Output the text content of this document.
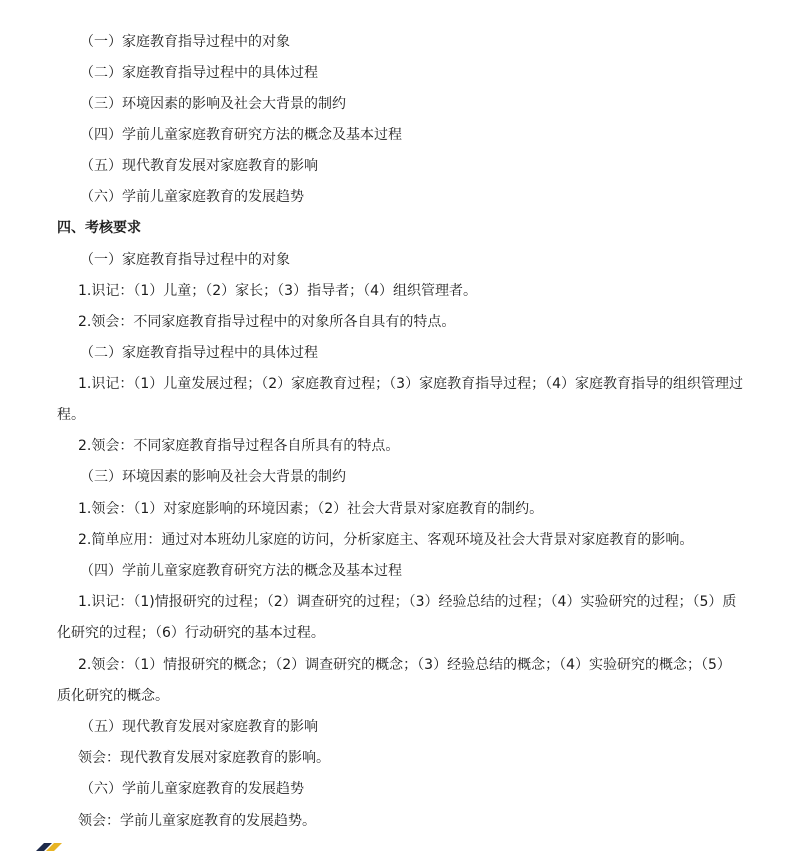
（一）家庭教育指导过程中的对象
（二）家庭教育指导过程中的具体过程
（三）环境因素的影响及社会大背景的制约
（四）学前儿童家庭教育研究方法的概念及基本过程
（五）现代教育发展对家庭教育的影响
（六）学前儿童家庭教育的发展趋势
四、考核要求
（一）家庭教育指导过程中的对象
1.识记：（1）儿童；（2）家长；（3）指导者；（4）组织管理者。
2.领会：不同家庭教育指导过程中的对象所各自具有的特点。
（二）家庭教育指导过程中的具体过程
1.识记：（1）儿童发展过程；（2）家庭教育过程；（3）家庭教育指导过程；（4）家庭教育指导的组织管理过
程。
2.领会：不同家庭教育指导过程各自所具有的特点。
（三）环境因素的影响及社会大背景的制约
1.领会：（1）对家庭影响的环境因素；（2）社会大背景对家庭教育的制约。
2.简单应用：通过对本班幼儿家庭的访问，分析家庭主、客观环境及社会大背景对家庭教育的影响。
（四）学前儿童家庭教育研究方法的概念及基本过程
1.识记：（1)情报研究的过程；（2）调查研究的过程；（3）经验总结的过程；（4）实验研究的过程；（5）质
化研究的过程；（6）行动研究的基本过程。
2.领会：（1）情报研究的概念；（2）调查研究的概念；（3）经验总结的概念；（4）实验研究的概念；（5）
质化研究的概念。
（五）现代教育发展对家庭教育的影响
领会：现代教育发展对家庭教育的影响。
（六）学前儿童家庭教育的发展趋势
领会：学前儿童家庭教育的发展趋势。
